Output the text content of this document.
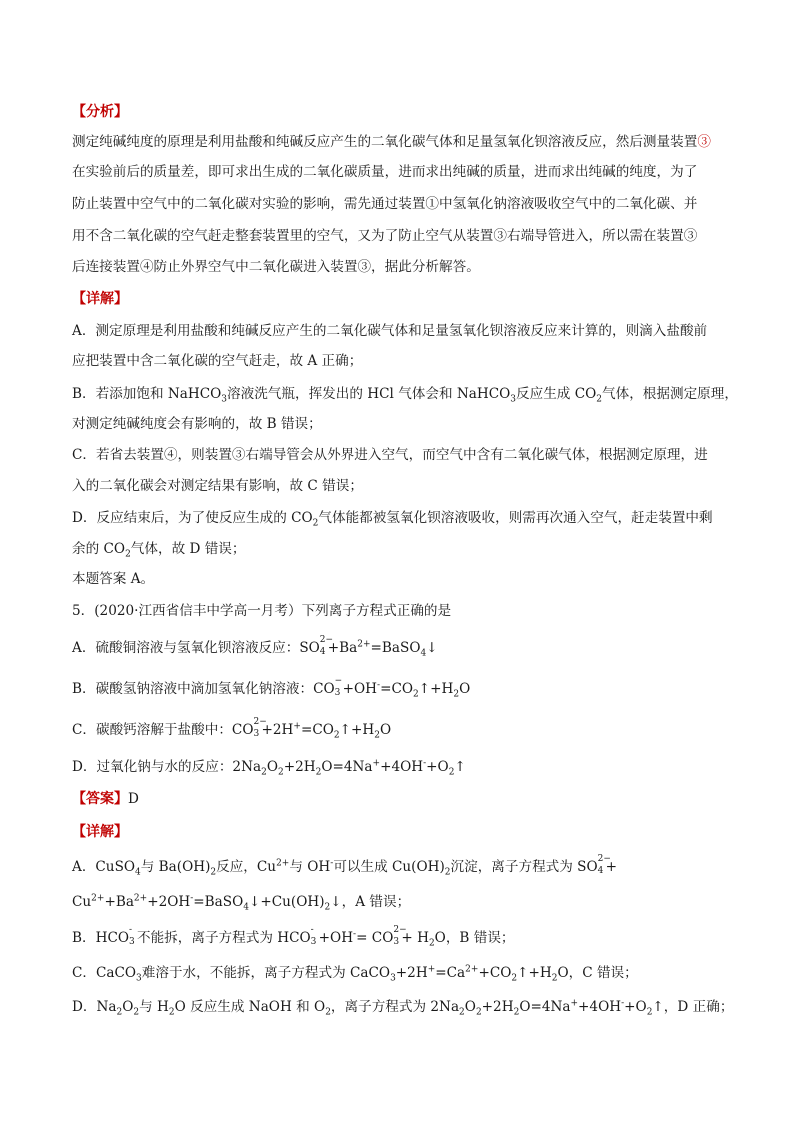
【分析】
测定纯碱纯度的原理是利用盐酸和纯碱反应产生的二氧化碳气体和足量氢氧化钡溶液反应，然后测量装置③
在实验前后的质量差，即可求出生成的二氧化碳质量，进而求出纯碱的质量，进而求出纯碱的纯度，为了
防止装置中空气中的二氧化碳对实验的影响，需先通过装置①中氢氧化钠溶液吸收空气中的二氧化碳、并
用不含二氧化碳的空气赶走整套装置里的空气，又为了防止空气从装置③右端导管进入，所以需在装置③
后连接装置④防止外界空气中二氧化碳进入装置③，据此分析解答。
【详解】
A．测定原理是利用盐酸和纯碱反应产生的二氧化碳气体和足量氢氧化钡溶液反应来计算的，则滴入盐酸前
应把装置中含二氧化碳的空气赶走，故 A 正确；
B．若添加饱和 NaHCO$_3$溶液洗气瓶，挥发出的 HCl 气体会和 NaHCO$_3$反应生成 $CO_2$气体，根据测定原理，
对测定纯碱纯度会有影响的，故 B 错误；
C．若省去装置④，则装置③右端导管会从外界进入空气，而空气中含有二氧化碳气体，根据测定原理，进
入的二氧化碳会对测定结果有影响，故 C 错误；
D．反应结束后，为了使反应生成的 $CO_2$气体能都被氢氧化钡溶液吸收，则需再次通入空气，赶走装置中剩
余的 $CO_2$气体，故 D 错误；
本题答案 A。
5．(2020·江西省信丰中学高一月考）下列离子方程式正确的是
A．硫酸铜溶液与氢氧化钡溶液反应：SO 2−
$4 +Ba^{2+}=BaSO_4↓$
B．碳酸氢钠溶液中滴加氢氧化钠溶液：CO −
$3 +OH^-=CO_2↑+H_2O$
C．碳酸钙溶解于盐酸中：CO 2−
$3 +2H^+=CO_2↑+H_2O$
D．过氧化钠与水的反应：$2Na_2O_2+2H_2O=4Na^++4OH^-+O_2↑$
【答案】D
【详解】
A．CuSO$_4$与 $Ba(OH)_2$反应，$Cu^{2+}$与 OH-可以生成 $Cu(OH)_2$沉淀，离子方程式为 SO 2−
4 +
$Cu^{2+}+Ba^{2+}+2OH^-=BaSO_4↓+Cu(OH)_2↓$，A 错误；
B．HCO -
3 不能拆，离子方程式为 HCO -
3 +OH-= CO 2−
$3 + H_2O$，B 错误；
C．CaCO$_3$难溶于水，不能拆，离子方程式为 $CaCO_3+2H^+=Ca^{2+}+CO_2↑+H_2O$，C 错误；
D．$Na_2O_2$与 $H_2O$ 反应生成 NaOH 和 $O_2$，离子方程式为 $2Na_2O_2+2H_2O=4Na^++4OH^-+O_2↑$，D 正确；
